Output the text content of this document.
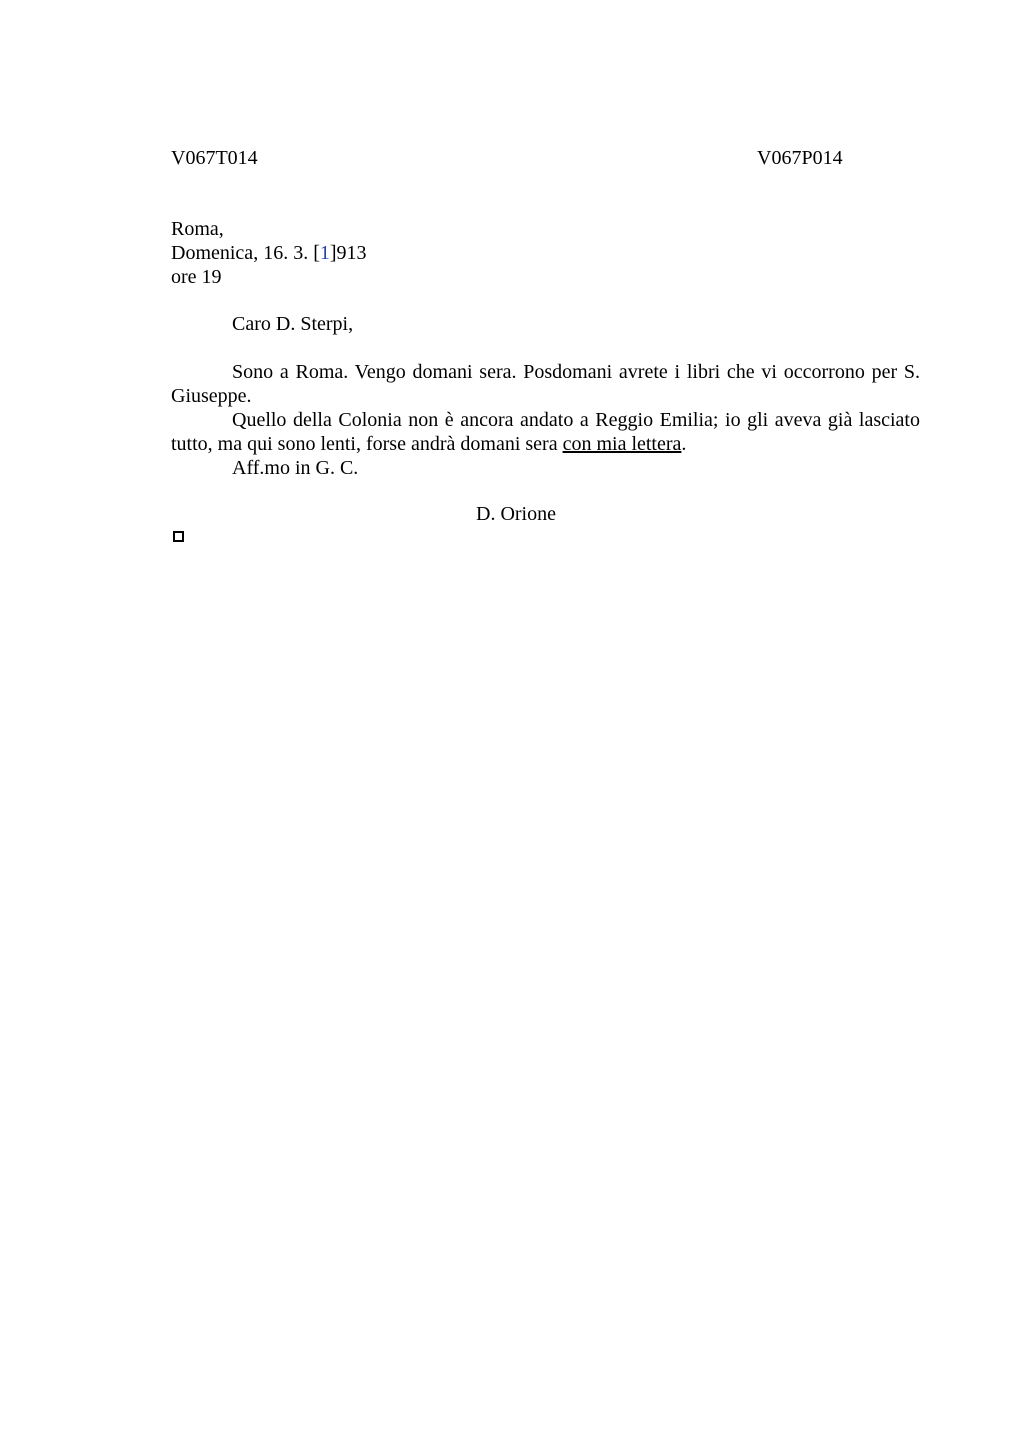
V067T014	V067P014
Roma,
Domenica, 16. 3. [1]913
ore 19
Caro D. Sterpi,

Sono a Roma. Vengo domani sera. Posdomani avrete i libri che vi occorrono per S. Giuseppe.

Quello della Colonia non è ancora andato a Reggio Emilia; io gli aveva già lasciato tutto, ma qui sono lenti, forse andrà domani sera con mia lettera.

Aff.mo in G. C.

D. Orione
